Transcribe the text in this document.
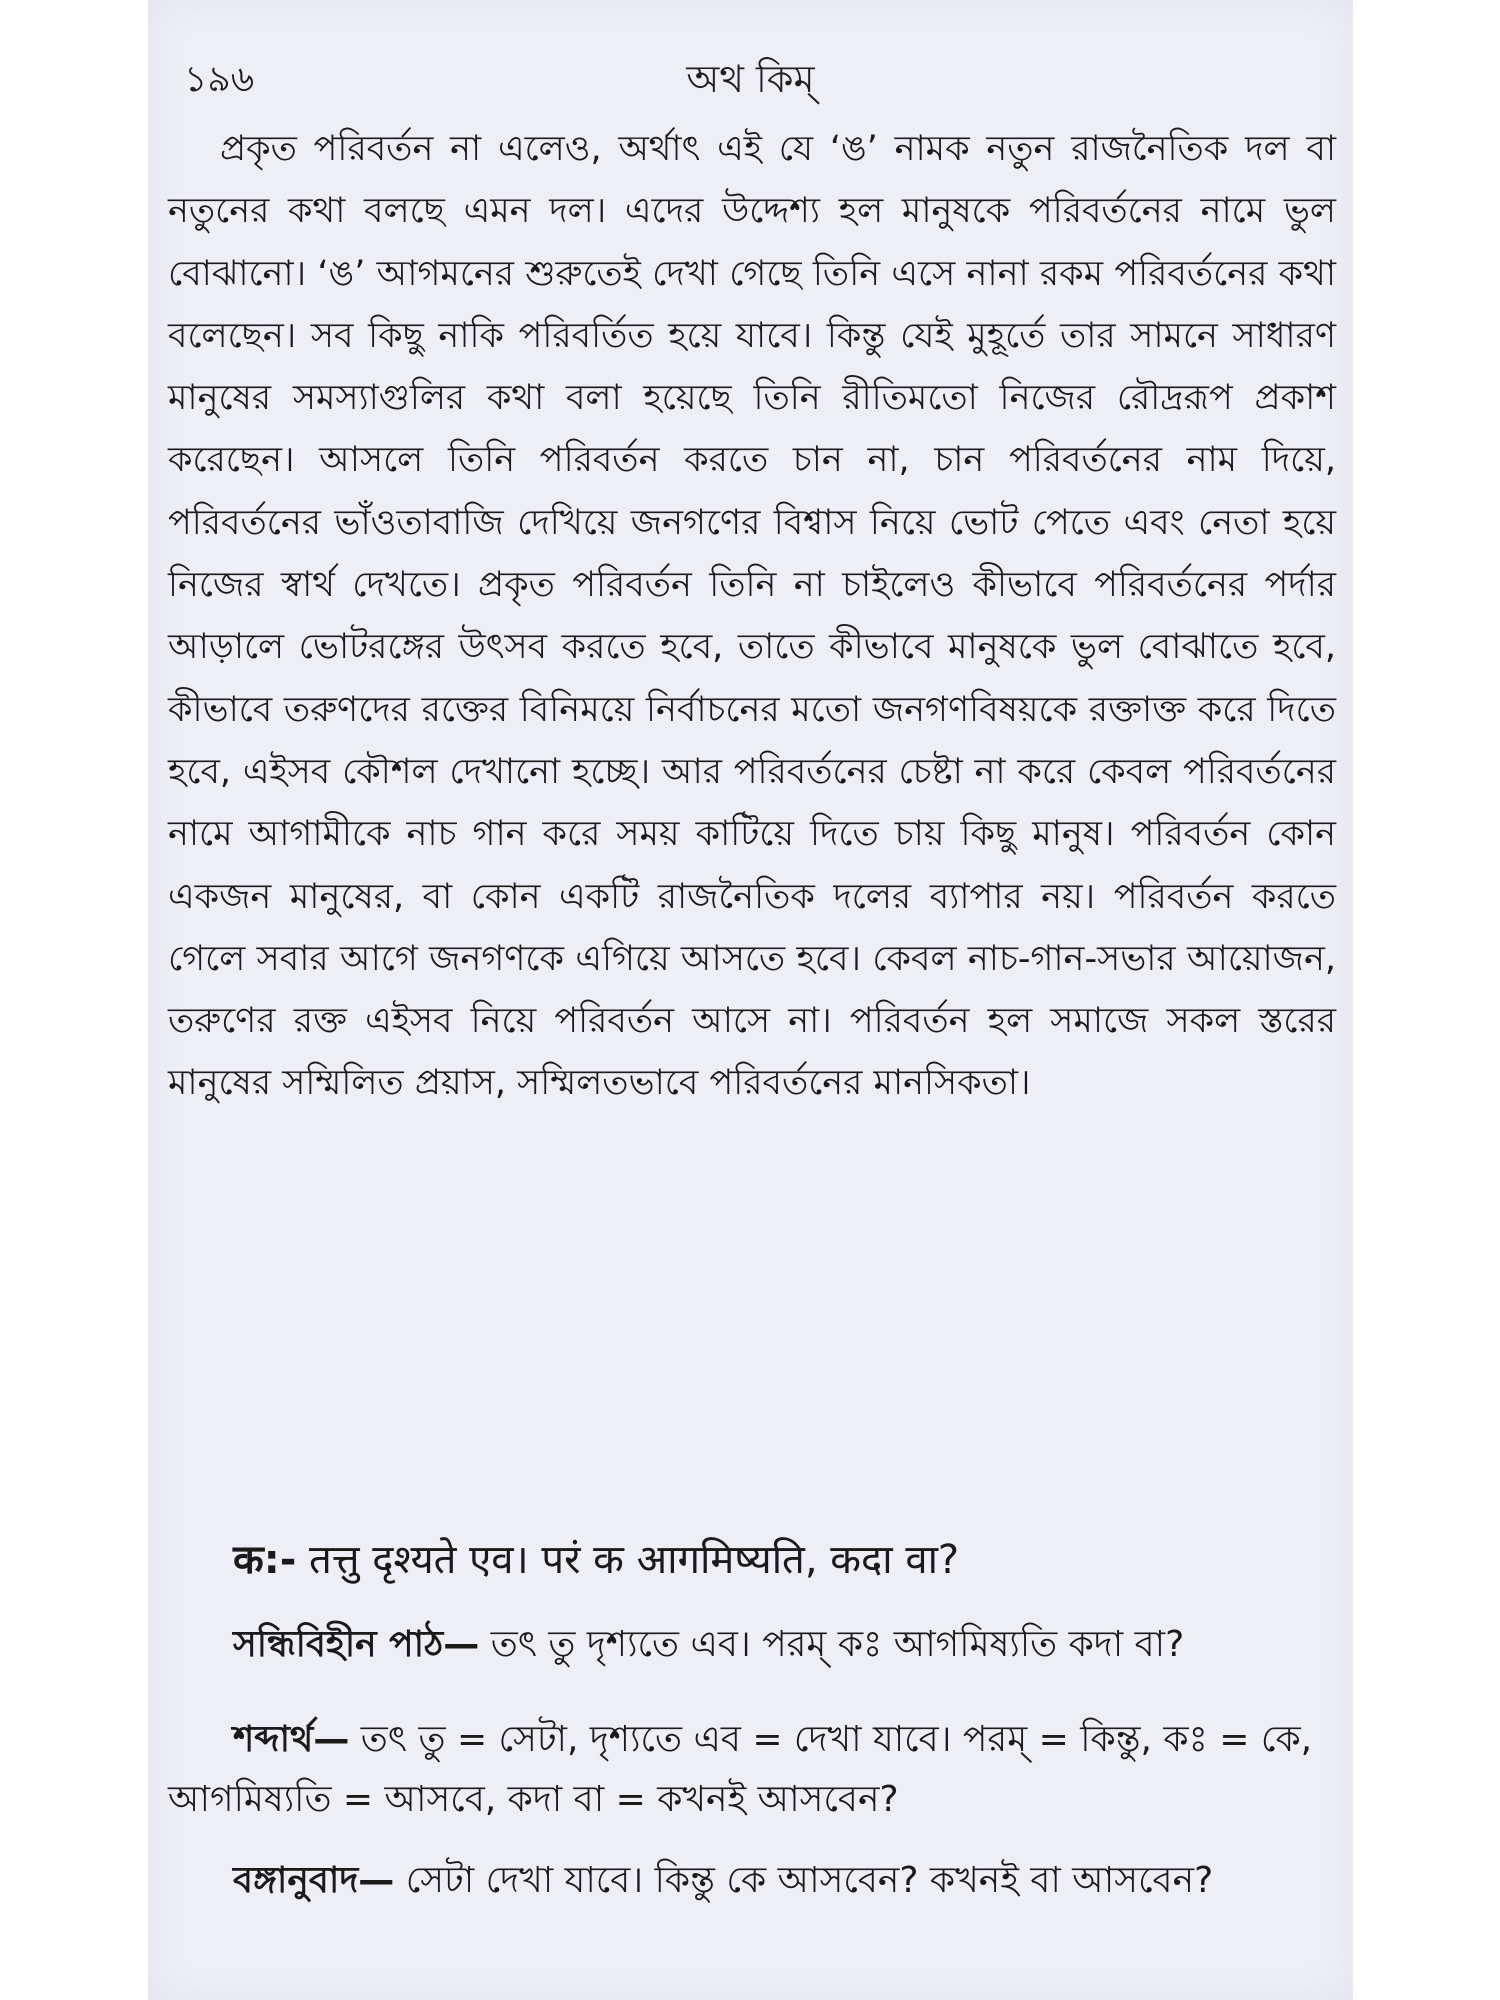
১৯৬	অথ কিম্

প্রকৃত পরিবর্তন না এলেও, অর্থাৎ এই যে ‘ঙ’ নামক নতুন রাজনৈতিক দল বা নতুনের কথা বলছে এমন দল। এদের উদ্দেশ্য হল মানুষকে পরিবর্তনের নামে ভুল বোঝানো। ‘ঙ’ আগমনের শুরুতেই দেখা গেছে তিনি এসে নানা রকম পরিবর্তনের কথা বলেছেন। সব কিছু নাকি পরিবর্তিত হয়ে যাবে। কিন্তু যেই মুহূর্তে তার সামনে সাধারণ মানুষের সমস্যাগুলির কথা বলা হয়েছে তিনি রীতিমতো নিজের রৌদ্ররূপ প্রকাশ করেছেন। আসলে তিনি পরিবর্তন করতে চান না, চান পরিবর্তনের নাম দিয়ে, পরিবর্তনের ভাঁওতাবাজি দেখিয়ে জনগণের বিশ্বাস নিয়ে ভোট পেতে এবং নেতা হয়ে নিজের স্বার্থ দেখতে। প্রকৃত পরিবর্তন তিনি না চাইলেও কীভাবে পরিবর্তনের পর্দার আড়ালে ভোটরঙ্গের উৎসব করতে হবে, তাতে কীভাবে মানুষকে ভুল বোঝাতে হবে, কীভাবে তরুণদের রক্তের বিনিময়ে নির্বাচনের মতো জনগণবিষয়কে রক্তাক্ত করে দিতে হবে, এইসব কৌশল দেখানো হচ্ছে। আর পরিবর্তনের চেষ্টা না করে কেবল পরিবর্তনের নামে আগামীকে নাচ গান করে সময় কাটিয়ে দিতে চায় কিছু মানুষ। পরিবর্তন কোন একজন মানুষের, বা কোন একটি রাজনৈতিক দলের ব্যাপার নয়। পরিবর্তন করতে গেলে সবার আগে জনগণকে এগিয়ে আসতে হবে। কেবল নাচ-গান-সভার আয়োজন, তরুণের রক্ত এইসব নিয়ে পরিবর্তন আসে না। পরিবর্তন হল সমাজে সকল স্তরের মানুষের সম্মিলিত প্রয়াস, সম্মিলতভাবে পরিবর্তনের মানসিকতা।

क:- तत्तु दृश्यते एव। परं क आगमिष्यति, कदा वा?
সন্ধিবিহীন পাঠ— তৎ তু দৃশ্যতে এব। পরম্ কঃ আগমিষ্যতি কদা বা?
শব্দার্থ— তৎ তু = সেটা, দৃশ্যতে এব = দেখা যাবে। পরম্ = কিন্তু, কঃ = কে, আগমিষ্যতি = আসবে, কদা বা = কখনই আসবেন?
বঙ্গানুবাদ— সেটা দেখা যাবে। কিন্তু কে আসবেন? কখনই বা আসবেন?
